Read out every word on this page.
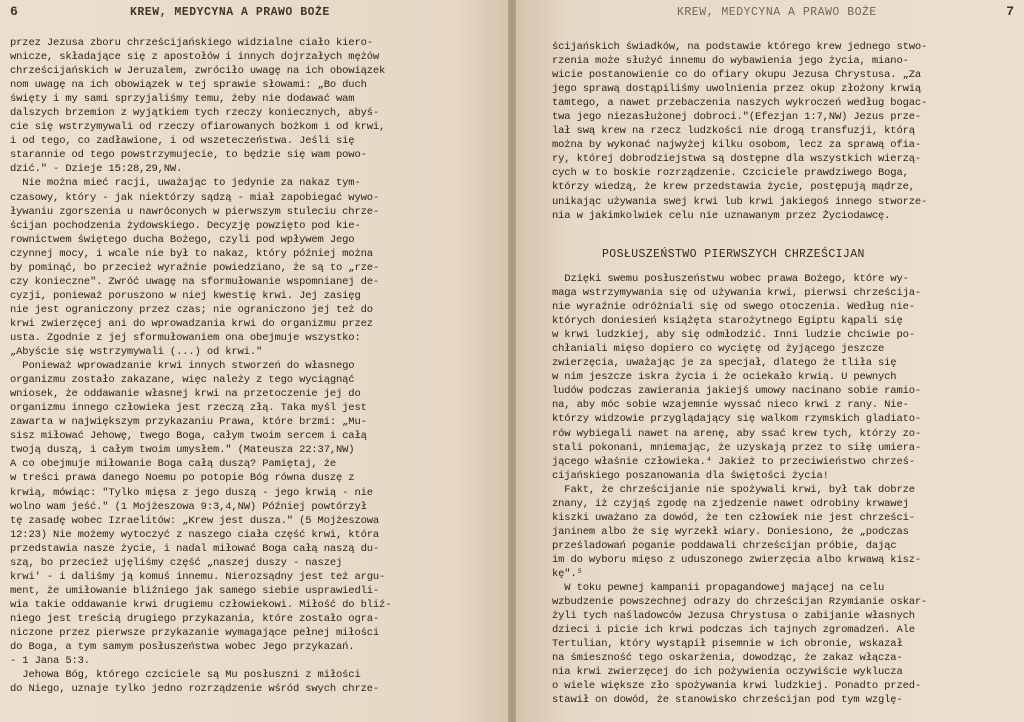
6	KREW, MEDYCYNA A PRAWO BOŻE
przez Jezusa zboru chrześcijańskiego widzialne ciało kiero-
wnicze, składające się z apostołów i innych dojrzałych mężów
chrześcijańskich w Jeruzalem, zwróciło uwagę na ich obowiązek
nom uwagę na ich obowiązek w tej sprawie słowami: „Bo duch
święty i my sami sprzyjaliśmy temu, żeby nie dodawać wam
dalszych brzemion z wyjątkiem tych rzeczy koniecznych, abyś-
cie się wstrzymywali od rzeczy ofiarowanych bożkom i od krwi,
i od tego, co zadławione, i od wszeteczeństwa. Jeśli się
starannie od tego powstrzymujecie, to będzie się wam powo-
dzić." - Dzieje 15:28,29,NW.
Nie można mieć racji, uważając to jedynie za nakaz tym-
czasowy, który - jak niektórzy sądzą - miał zapobiegać wywo-
ływaniu zgorszenia u nawróconych w pierwszym stuleciu chrze-
ścijan pochodzenia żydowskiego. Decyzję powzięto pod kie-
rownictwem świętego ducha Bożego, czyli pod wpływem Jego
czynnej mocy, i wcale nie był to nakaz, który później można
by pominąć, bo przecież wyraźnie powiedziano, że są to „rze-
czy konieczne". Zwróć uwagę na sformułowanie wspomnianej de-
cyzji, ponieważ poruszono w niej kwestię krwi. Jej zasięg
nie jest ograniczony przez czas; nie ograniczono jej też do
krwi zwierzęcej ani do wprowadzania krwi do organizmu przez
usta. Zgodnie z jej sformułowaniem ona obejmuje wszystko:
„Abyście się wstrzymywali (...) od krwi."
Ponieważ wprowadzanie krwi innych stworzeń do własnego
organizmu zostało zakazane, więc należy z tego wyciągnąć
wniosek, że oddawanie własnej krwi na przetoczenie jej do
organizmu innego człowieka jest rzeczą złą. Taka myśl jest
zawarta w największym przykazaniu Prawa, które brzmi: „Mu-
sisz miłować Jehowę, twego Boga, całym twoim sercem i całą
twoją duszą, i całym twoim umysłem." (Mateusza 22:37,NW)
A co obejmuje miłowanie Boga całą duszą? Pamiętaj, że
w treści prawa danego Noemu po potopie Bóg równa duszę z
krwią, mówiąc: "Tylko mięsa z jego duszą - jego krwią - nie
wolno wam jeść." (1 Mojżeszowa 9:3,4,NW) Później powtórzył
tę zasadę wobec Izraelitów: „Krew jest dusza." (5 Mojżeszowa
12:23) Nie możemy wytoczyć z naszego ciała część krwi, która
przedstawia nasze życie, i nadal miłować Boga całą naszą du-
szą, bo przecież ujęliśmy część „naszej duszy - naszej
krwi' - i daliśmy ją komuś innemu. Nierozsądny jest też argu-
ment, że umiłowanie bliźniego jak samego siebie usprawiedli-
wia takie oddawanie krwi drugiemu człowiekowi. Miłość do bliź-
niego jest treścią drugiego przykazania, które zostało ogra-
niczone przez pierwsze przykazanie wymagające pełnej miłości
do Boga, a tym samym posłuszeństwa wobec Jego przykazań.
- 1 Jana 5:3.
Jehowa Bóg, którego czciciele są Mu posłuszni z miłości
do Niego, uznaje tylko jedno rozrządzenie wśród swych chrze-
7
KREW, MEDYCYNA A PRAWO BOŻE
ścijańskich świadków, na podstawie którego krew jednego stwo-
rzenia może służyć innemu do wybawienia jego życia, miano-
wicie postanowienie co do ofiary okupu Jezusa Chrystusa. „Za
jego sprawą dostąpiliśmy uwolnienia przez okup złożony krwią
tamtego, a nawet przebaczenia naszych wykroczeń według bogac-
twa jego niezasłużonej dobroci."(Efezjan 1:7,NW) Jezus prze-
lał swą krew na rzecz ludzkości nie drogą transfuzji, którą
można by wykonać najwyżej kilku osobom, lecz za sprawą ofia-
ry, której dobrodziejstwa są dostępne dla wszystkich wierzą-
cych w to boskie rozrządzenie. Czciciele prawdziwego Boga,
którzy wiedzą, że krew przedstawia życie, postępują mądrze,
unikając używania swej krwi lub krwi jakiegoś innego stworze-
nia w jakimkolwiek celu nie uznawanym przez Życiodawcę.
POSŁUSZEŃSTWO PIERWSZYCH CHRZEŚCIJAN
Dzięki swemu posłuszeństwu wobec prawa Bożego, które wy-
maga wstrzymywania się od używania krwi, pierwsi chrześcija-
nie wyraźnie odróżniali się od swego otoczenia. Według nie-
których doniesień książęta starożytnego Egiptu kąpali się
w krwi ludzkiej, aby się odmłodzić. Inni ludzie chciwie po-
chłaniali mięso dopiero co wyciętę od żyjącego jeszcze
zwierzęcia, uważając je za specjał, dlatego że tliła się
w nim jeszcze iskra życia i że ociekało krwią. U pewnych
ludów podczas zawierania jakiejś umowy nacinano sobie ramio-
na, aby móc sobie wzajemnie wyssać nieco krwi z rany. Nie-
którzy widzowie przyglądający się walkom rzymskich gladiato-
rów wybiegali nawet na arenę, aby ssać krew tych, którzy zo-
stali pokonani, mniemając, że uzyskają przez to siłę umiera-
jącego właśnie człowieka.⁴ Jakież to przeciwieństwo chrześ-
cijańskiego poszanowania dla świętości życia!
Fakt, że chrześcijanie nie spożywali krwi, był tak dobrze
znany, iż czyjąś zgodę na zjedzenie nawet odrobiny krwawej
kiszki uważano za dowód, że ten człowiek nie jest chrześci-
janinem albo że się wyrzekł wiary. Doniesiono, że „podczas
prześladowań poganie poddawali chrześcijan próbie, dając
im do wyboru mięso z uduszonego zwierzęcia albo krwawą kisz-
kę".⁵
W toku pewnej kampanii propagandowej mającej na celu
wzbudzenie powszechnej odrazy do chrześcijan Rzymianie oskar-
żyli tych naśladowców Jezusa Chrystusa o zabijanie własnych
dzieci i picie ich krwi podczas ich tajnych zgromadzeń. Ale
Tertulian, który wystąpił pisemnie w ich obronie, wskazał
na śmieszność tego oskarżenia, dowodząc, że zakaz włącza-
nia krwi zwierzęcej do ich pożywienia oczywiście wyklucza
o wiele większe zło spożywania krwi ludzkiej. Ponadto przed-
stawił on dowód, że stanowisko chrześcijan pod tym wzglę-
